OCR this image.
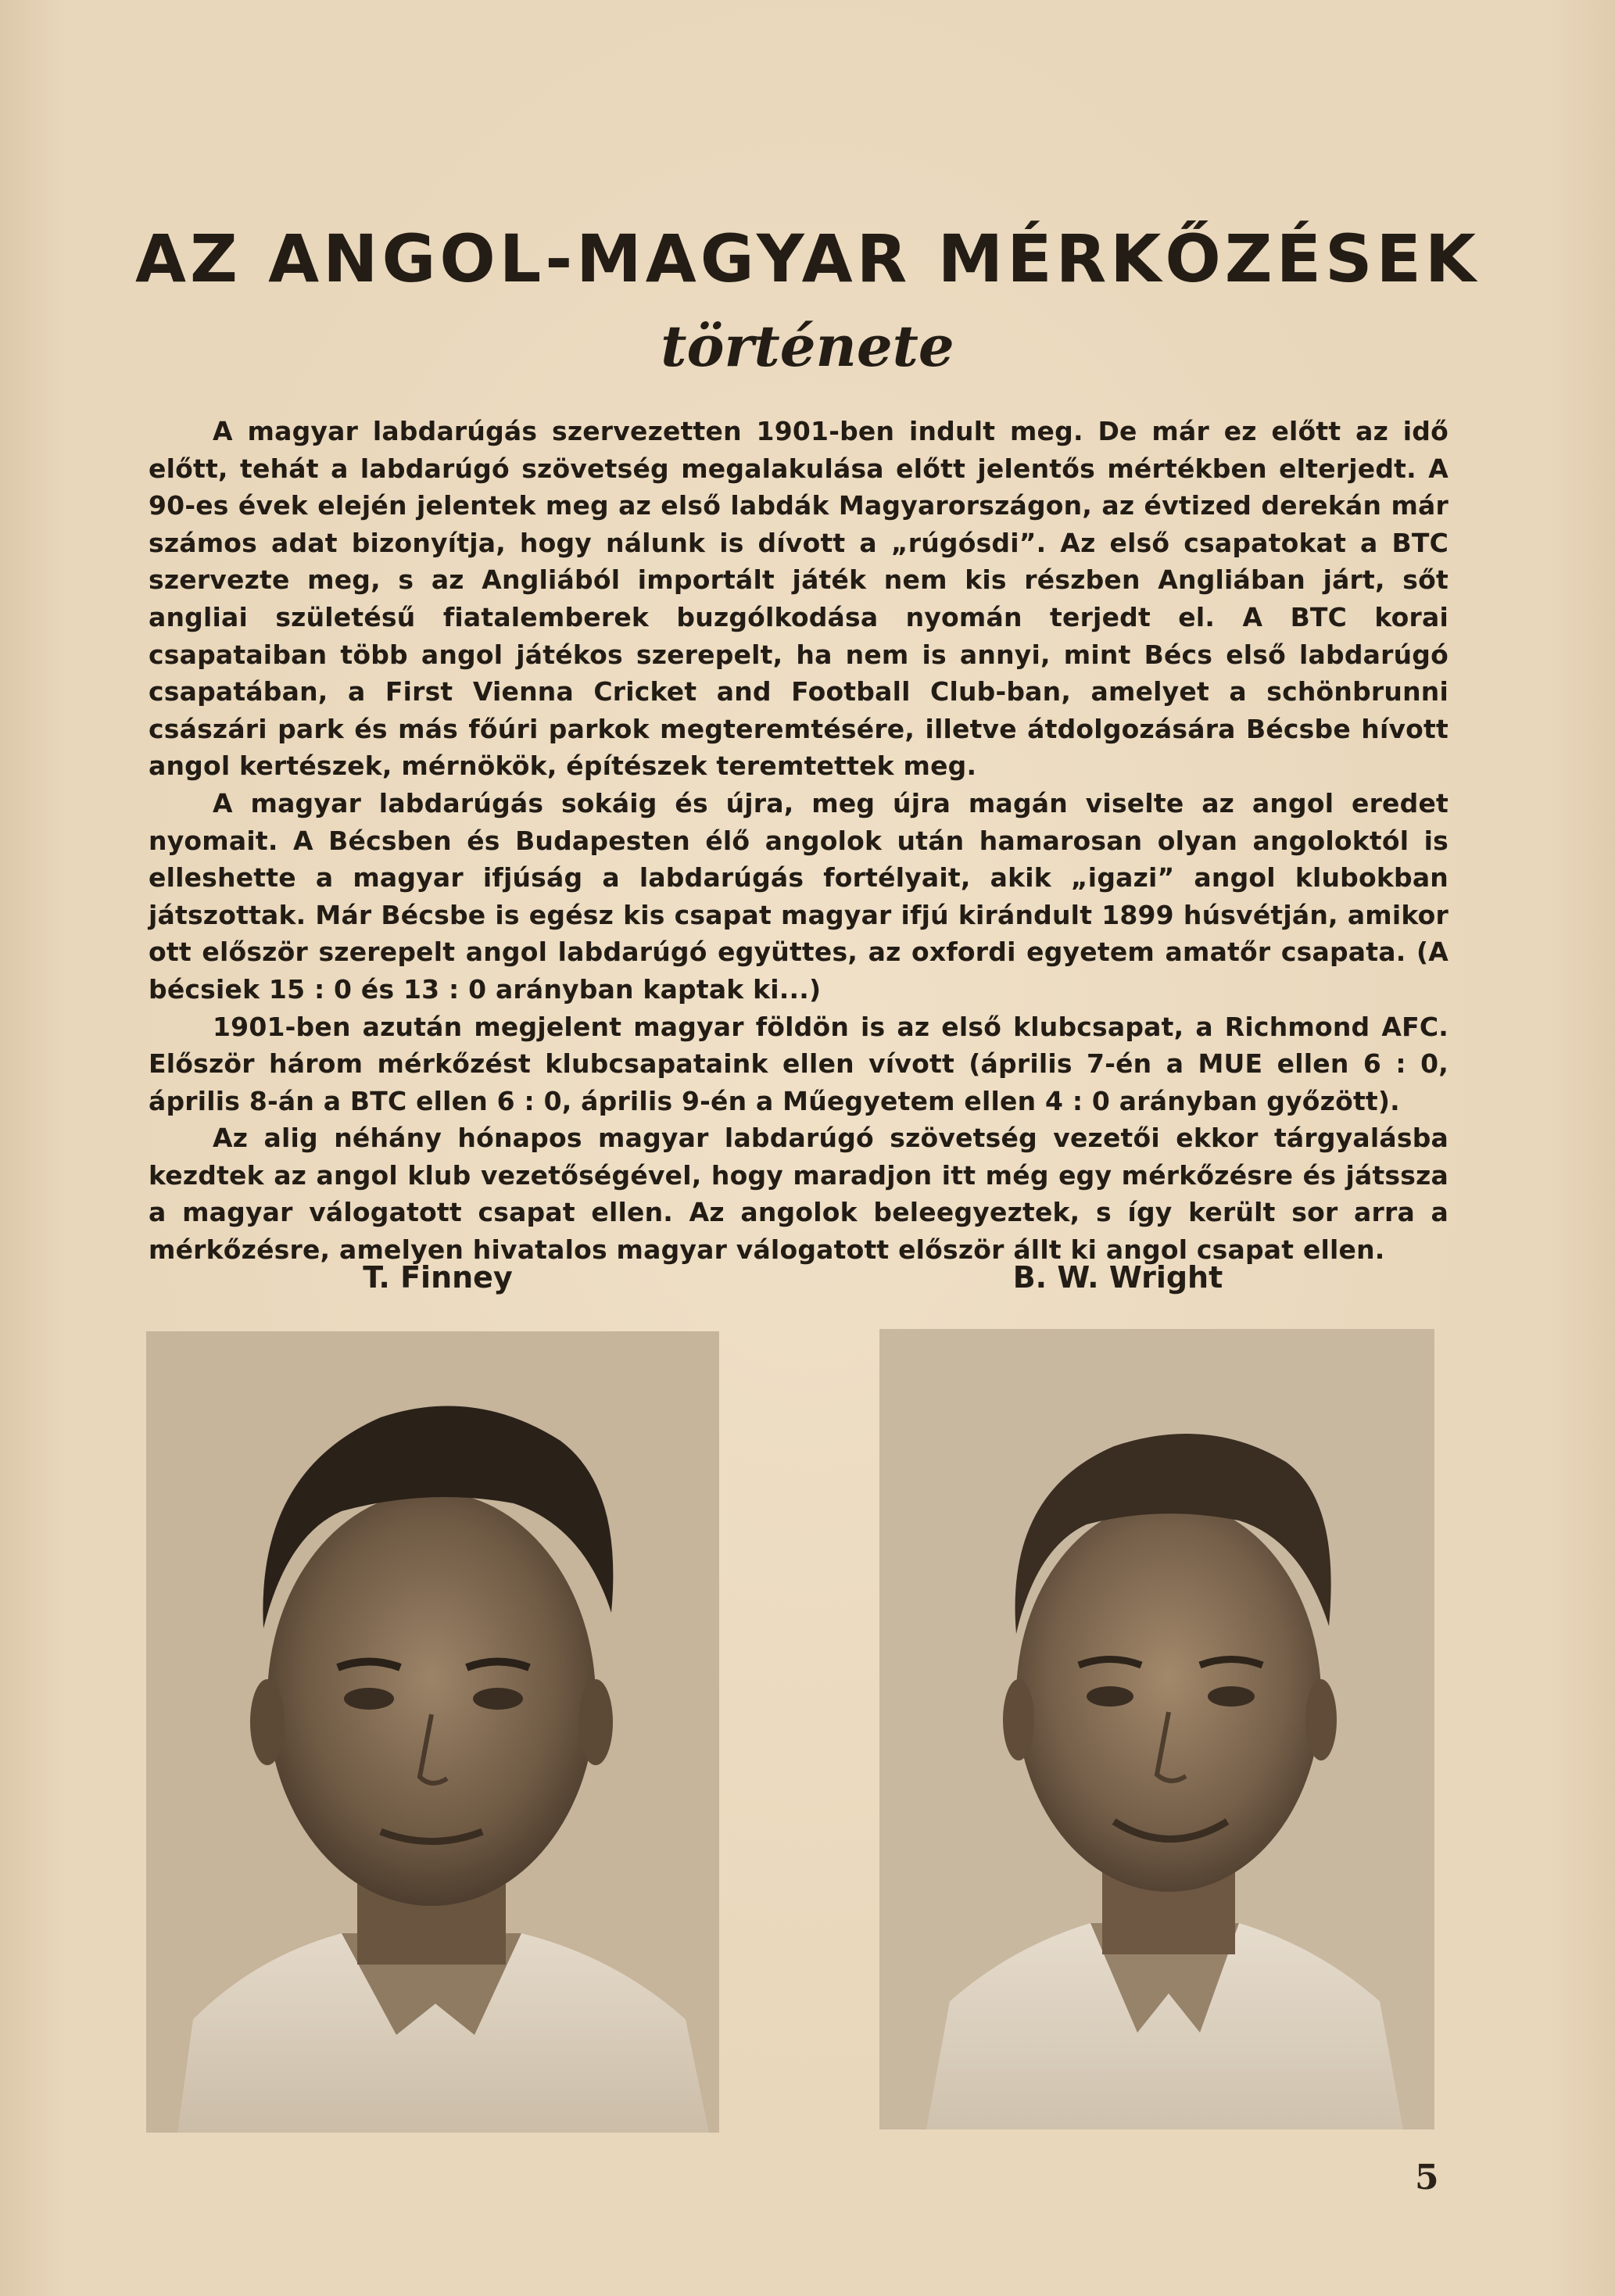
AZ ANGOL-MAGYAR MÉRKŐZÉSEK
története

A magyar labdarúgás szervezetten 1901-ben indult meg. De már ez előtt az idő előtt, tehát a labdarúgó szövetség megalakulása előtt jelentős mértékben elterjedt. A 90-es évek elején jelentek meg az első labdák Magyarországon, az évtized derekán már számos adat bizonyítja, hogy nálunk is dívott a „rúgósdi”. Az első csapatokat a BTC szervezte meg, s az Angliából importált játék nem kis részben Angliában járt, sőt angliai születésű fiatalemberek buzgólkodása nyomán terjedt el. A BTC korai csapataiban több angol játékos szerepelt, ha nem is annyi, mint Bécs első labdarúgó csapatában, a First Vienna Cricket and Football Club-ban, amelyet a schönbrunni császári park és más főúri parkok megteremtésére, illetve átdolgozására Bécsbe hívott angol kertészek, mérnökök, építészek teremtettek meg.

A magyar labdarúgás sokáig és újra, meg újra magán viselte az angol eredet nyomait. A Bécsben és Budapesten élő angolok után hamarosan olyan angoloktól is elleshette a magyar ifjúság a labdarúgás fortélyait, akik „igazi” angol klubokban játszottak. Már Bécsbe is egész kis csapat magyar ifjú kirándult 1899 húsvétján, amikor ott először szerepelt angol labdarúgó együttes, az oxfordi egyetem amatőr csapata. (A bécsiek 15 : 0 és 13 : 0 arányban kaptak ki...)

1901-ben azután megjelent magyar földön is az első klubcsapat, a Richmond AFC. Először három mérkőzést klubcsapataink ellen vívott (április 7-én a MUE ellen 6 : 0, április 8-án a BTC ellen 6 : 0, április 9-én a Műegyetem ellen 4 : 0 arányban győzött).

Az alig néhány hónapos magyar labdarúgó szövetség vezetői ekkor tárgyalásba kezdtek az angol klub vezetőségével, hogy maradjon itt még egy mérkőzésre és játssza a magyar válogatott csapat ellen. Az angolok beleegyeztek, s így került sor arra a mérkőzésre, amelyen hivatalos magyar válogatott először állt ki angol csapat ellen.

T. Finney	B. W. Wright
5
